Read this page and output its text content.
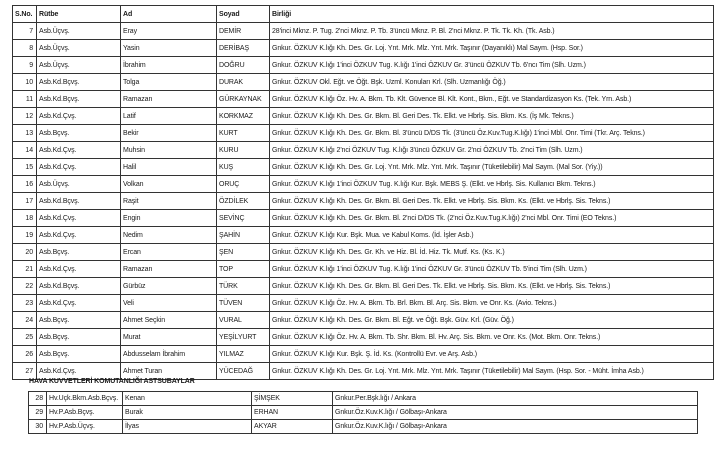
S.No.	Rütbe	Ad	Soyad	Birliği
7	Asb.Üçvş.	Eray	DEMİR	28'inci Mknz. P. Tug. 2'nci Mknz. P. Tb. 3'üncü Mknz. P. Bl. 2'nci Mknz. P. Tk. Tk. Kh. (Tk. Asb.)
8	Asb.Üçvş.	Yasin	DERİBAŞ	Gnkur. ÖZKUV K.lığı Kh. Des. Gr. Loj. Ynt. Mrk. Mlz. Ynt. Mrk. Taşınır (Dayanıklı) Mal Saym. (Hsp. Sor.)
9	Asb.Üçvş.	İbrahim	DOĞRU	Gnkur. ÖZKUV K.lığı 1'inci ÖZKUV Tug. K.lığı 1'inci ÖZKUV Gr. 3'üncü ÖZKUV Tb. 6'ncı Tim (Slh. Uzm.)
10	Asb.Kd.Bçvş.	Tolga	DURAK	Gnkur. ÖZKUV Okl. Eğt. ve Öğt. Bşk. Uzml. Konuları Krl. (Slh. Uzmanlığı Öğ.)
11	Asb.Kd.Bçvş.	Ramazan	GÜRKAYNAK	Gnkur. ÖZKUV K.lığı Öz. Hv. A. Bkm. Tb. Klt. Güvence Bl. Klt. Kont., Bkm., Eğt. ve Standardizasyon Ks. (Tek. Yrn. Asb.)
12	Asb.Kd.Çvş.	Latif	KORKMAZ	Gnkur. ÖZKUV K.lığı Kh. Des. Gr. Bkm. Bl. Geri Des. Tk. Elkt. ve Hbrlş. Sis. Bkm. Ks. (İş Mk. Tekns.)
13	Asb.Bçvş.	Bekir	KURT	Gnkur. ÖZKUV K.lığı Kh. Des. Gr. Bkm. Bl. 3'üncü D/DS Tk. (3'üncü Öz.Kuv.Tug.K.lığı) 1'inci Mbl. Onr. Timi (Tkr. Arç. Tekns.)
14	Asb.Kd.Çvş.	Muhsin	KURU	Gnkur. ÖZKUV K.lığı 2'nci ÖZKUV Tug. K.lığı 3'üncü ÖZKUV Gr. 2'nci ÖZKUV Tb. 2'nci Tim (Slh. Uzm.)
15	Asb.Kd.Çvş.	Halil	KUŞ	Gnkur. ÖZKUV K.lığı Kh. Des. Gr. Loj. Ynt. Mrk. Mlz. Ynt. Mrk. Taşınır (Tüketilebilir) Mal Saym. (Mal Sor. (Yiy.))
16	Asb.Üçvş.	Volkan	ORUÇ	Gnkur. ÖZKUV K.lığı 1'inci ÖZKUV Tug. K.lığı Kur. Bşk. MEBS Ş. (Elkt. ve Hbrlş. Sis. Kullanıcı Bkm. Tekns.)
17	Asb.Kd.Bçvş.	Raşit	ÖZDİLEK	Gnkur. ÖZKUV K.lığı Kh. Des. Gr. Bkm. Bl. Geri Des. Tk. Elkt. ve Hbrlş. Sis. Bkm. Ks. (Elkt. ve Hbrlş. Sis. Tekns.)
18	Asb.Kd.Çvş.	Engin	SEVİNÇ	Gnkur. ÖZKUV K.lığı Kh. Des. Gr. Bkm. Bl. 2'nci D/DS Tk. (2'nci Öz.Kuv.Tug.K.lığı) 2'nci Mbl. Onr. Timi (EO Tekns.)
19	Asb.Kd.Çvş.	Nedim	ŞAHİN	Gnkur. ÖZKUV K.lığı Kur. Bşk. Mua. ve Kabul Koms. (İd. İşler Asb.)
20	Asb.Bçvş.	Ercan	ŞEN	Gnkur. ÖZKUV K.lığı Kh. Des. Gr. Kh. ve Hiz. Bl. İd. Hiz. Tk. Mutf. Ks. (Ks. K.)
21	Asb.Kd.Çvş.	Ramazan	TOP	Gnkur. ÖZKUV K.lığı 1'inci ÖZKUV Tug. K.lığı 1'inci ÖZKUV Gr. 3'üncü ÖZKUV Tb. 5'inci Tim (Slh. Uzm.)
22	Asb.Kd.Bçvş.	Gürbüz	TÜRK	Gnkur. ÖZKUV K.lığı Kh. Des. Gr. Bkm. Bl. Geri Des. Tk. Elkt. ve Hbrlş. Sis. Bkm. Ks. (Elkt. ve Hbrlş. Sis. Tekns.)
23	Asb.Kd.Çvş.	Veli	TÜVEN	Gnkur. ÖZKUV K.lığı Öz. Hv. A. Bkm. Tb. Brl. Bkm. Bl. Arç. Sis. Bkm. ve Onr. Ks. (Avio. Tekns.)
24	Asb.Bçvş.	Ahmet Seçkin	VURAL	Gnkur. ÖZKUV K.lığı Kh. Des. Gr. Bkm. Bl. Eğt. ve Öğt. Bşk. Güv. Krl. (Güv. Öğ.)
25	Asb.Bçvş.	Murat	YEŞİLYURT	Gnkur. ÖZKUV K.lığı Öz. Hv. A. Bkm. Tb. Shr. Bkm. Bl. Hv. Arç. Sis. Bkm. ve Onr. Ks. (Mot. Bkm. Onr. Tekns.)
26	Asb.Bçvş.	Abdusselam İbrahim	YILMAZ	Gnkur. ÖZKUV K.lığı Kur. Bşk. Ş. İd. Ks. (Kontrollü Evr. ve Arş. Asb.)
27	Asb.Kd.Çvş.	Ahmet Turan	YÜCEDAĞ	Gnkur. ÖZKUV K.lığı Kh. Des. Gr. Loj. Ynt. Mrk. Mlz. Ynt. Mrk. Taşınır (Tüketilebilir) Mal Saym. (Hsp. Sor. - Müht. İmha Asb.)
HAVA KUVVETLERİ KOMUTANLIĞI ASTSUBAYLAR
28	Hv.Uçk.Bkm.Asb.Bçvş.	Kenan	ŞİMŞEK	Gnkur.Per.Bşk.lığı / Ankara
29	Hv.P.Asb.Bçvş.	Burak	ERHAN	Gnkur.Öz.Kuv.K.lığı / Gölbaşı-Ankara
30	Hv.P.Asb.Üçvş.	İlyas	AKYAR	Gnkur.Öz.Kuv.K.lığı / Gölbaşı-Ankara
